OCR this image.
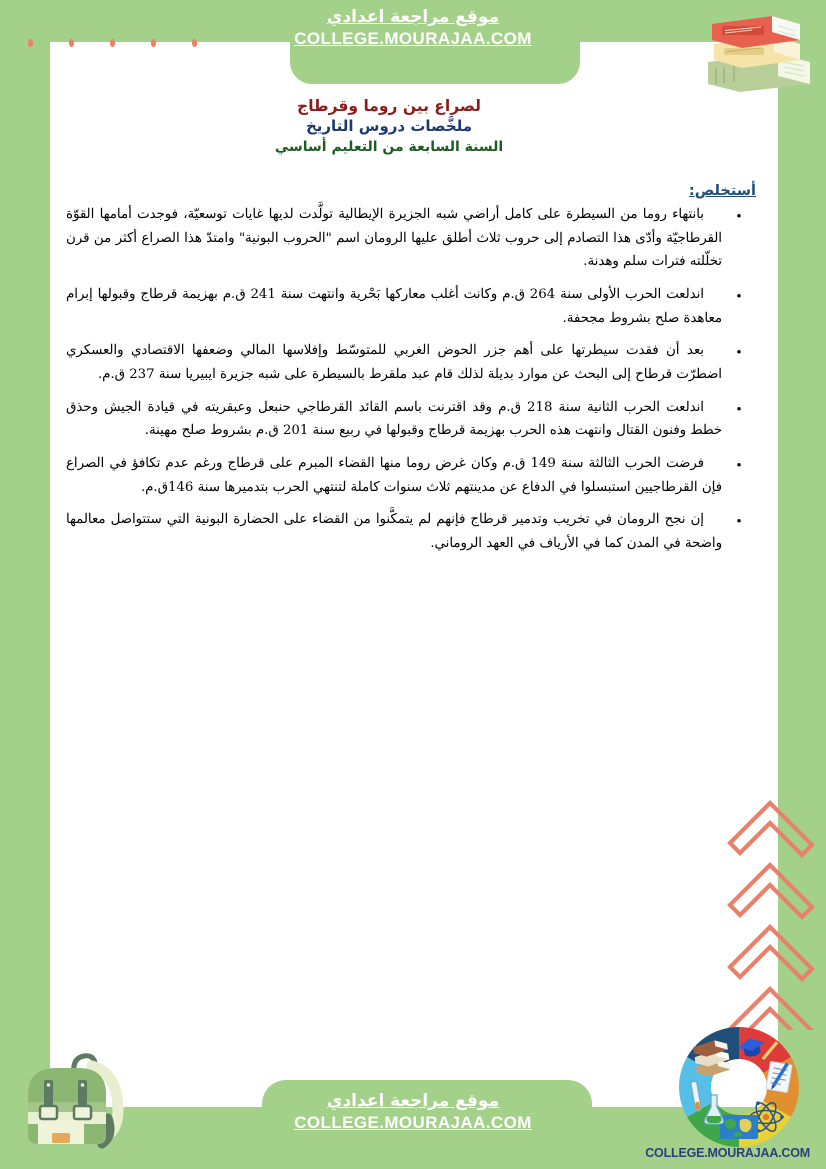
COLLEGE.MOURAJAA.COM
موقع مراجعة اعدادي
COLLEGE.MOURAJAA.COM
لصراع بين روما وقرطاج
ملخَّصات دروس التاريخ
السنة السابعة من التعليم أساسي
أستخلص:
•
بانتهاء روما من السيطرة على كامل أراضي شبه الجزيرة الإيطالية تولَّدت لديها غايات توسعيّة، فوجدت أمامها القوّة القرطاجيّة وأدّى هذا التصادم إلى حروب ثلاث أطلق عليها الرومان اسم "الحروب البونية" وامتدّ هذا الصراع أكثر من قرن تخلّلته فترات سلم وهدنة.
•
اندلعت الحرب الأولى سنة 264 ق.م وكانت أغلب معاركها بَحْرية وانتهت سنة 241 ق.م بهزيمة قرطاج وقبولها إبرام معاهدة صلح بشروط مجحفة.
•
بعد أن فقدت سيطرتها على أهم جزر الحوض الغربي للمتوسّط وإفلاسها المالي وضعفها الاقتصادي والعسكري اضطرّت قرطاح إلى البحث عن موارد بديلة لذلك قام عبد ملقرط بالسيطرة على شبه جزيرة ايبيريا سنة 237 ق.م.
•
اندلعت الحرب الثانية سنة 218 ق.م وقد اقترنت باسم القائد القرطاجي حنبعل وعبقريته في قيادة الجيش وحذق خطط وفنون القتال وانتهت هذه الحرب بهزيمة قرطاج وقبولها في ربيع سنة 201 ق.م بشروط صلح مهينة.
•
فرضت الحرب الثالثة سنة 149 ق.م وكان غرض روما منها القضاء المبرم على قرطاج ورغم عدم تكافؤ في الصراع فإن القرطاجيين استبسلوا في الدفاع عن مدينتهم ثلاث سنوات كاملة لتنتهي الحرب بتدميرها سنة 146ق.م.
•
إن نجح الرومان في تخريب وتدمير قرطاج فإنهم لم يتمكَّنوا من القضاء على الحضارة البونية التي ستتواصل معالمها واضحة في المدن كما في الأرياف في العهد الروماني.
موقع مراجعة اعدادي
COLLEGE.MOURAJAA.COM
